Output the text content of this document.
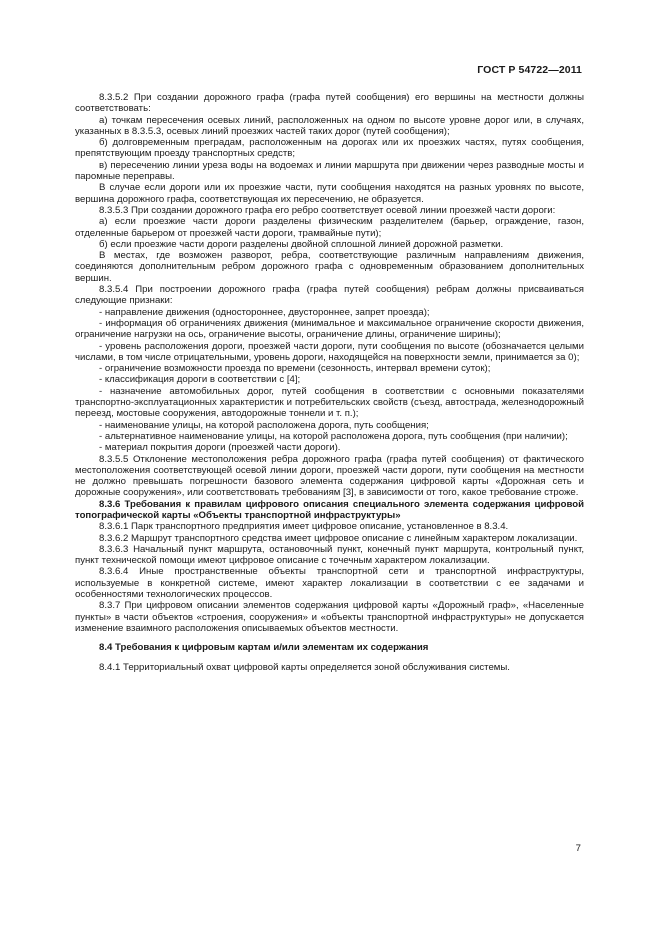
ГОСТ Р 54722—2011

8.3.5.2 При создании дорожного графа (графа путей сообщения) его вершины на местности должны соответствовать:

а) точкам пересечения осевых линий, расположенных на одном по высоте уровне дорог или, в случаях, указанных в 8.3.5.3, осевых линий проезжих частей таких дорог (путей сообщения);

б) долговременным преградам, расположенным на дорогах или их проезжих частях, путях сообщения, препятствующим проезду транспортных средств;

в) пересечению линии уреза воды на водоемах и линии маршрута при движении через разводные мосты и паромные переправы.

В случае если дороги или их проезжие части, пути сообщения находятся на разных уровнях по высоте, вершина дорожного графа, соответствующая их пересечению, не образуется.

8.3.5.3 При создании дорожного графа его ребро соответствует осевой линии проезжей части дороги:

а) если проезжие части дороги разделены физическим разделителем (барьер, ограждение, газон, отделенные барьером от проезжей части дороги, трамвайные пути);

б) если проезжие части дороги разделены двойной сплошной линией дорожной разметки.

В местах, где возможен разворот, ребра, соответствующие различным направлениям движения, соединяются дополнительным ребром дорожного графа с одновременным образованием дополнительных вершин.

8.3.5.4 При построении дорожного графа (графа путей сообщения) ребрам должны присваиваться следующие признаки:

- направление движения (одностороннее, двустороннее, запрет проезда);

- информация об ограничениях движения (минимальное и максимальное ограничение скорости движения, ограничение нагрузки на ось, ограничение высоты, ограничение длины, ограничение ширины);

- уровень расположения дороги, проезжей части дороги, пути сообщения по высоте (обозначается целыми числами, в том числе отрицательными, уровень дороги, находящейся на поверхности земли, принимается за 0);

- ограничение возможности проезда по времени (сезонность, интервал времени суток);

- классификация дороги в соответствии с [4];

- назначение автомобильных дорог, путей сообщения в соответствии с основными показателями транспортно-эксплуатационных характеристик и потребительских свойств (съезд, автострада, железнодорожный переезд, мостовые сооружения, автодорожные тоннели и т. п.);

- наименование улицы, на которой расположена дорога, путь сообщения;

- альтернативное наименование улицы, на которой расположена дорога, путь сообщения (при наличии);

- материал покрытия дороги (проезжей части дороги).

8.3.5.5 Отклонение местоположения ребра дорожного графа (графа путей сообщения) от фактического местоположения соответствующей осевой линии дороги, проезжей части дороги, пути сообщения на местности не должно превышать погрешности базового элемента содержания цифровой карты «Дорожная сеть и дорожные сооружения», или соответствовать требованиям [3], в зависимости от того, какое требование строже.

8.3.6 Требования к правилам цифрового описания специального элемента содержания цифровой топографической карты «Объекты транспортной инфраструктуры»

8.3.6.1 Парк транспортного предприятия имеет цифровое описание, установленное в 8.3.4.

8.3.6.2 Маршрут транспортного средства имеет цифровое описание с линейным характером локализации.

8.3.6.3 Начальный пункт маршрута, остановочный пункт, конечный пункт маршрута, контрольный пункт, пункт технической помощи имеют цифровое описание с точечным характером локализации.

8.3.6.4 Иные пространственные объекты транспортной сети и транспортной инфраструктуры, используемые в конкретной системе, имеют характер локализации в соответствии с ее задачами и особенностями технологических процессов.

8.3.7 При цифровом описании элементов содержания цифровой карты «Дорожный граф», «Населенные пункты» в части объектов «строения, сооружения» и «объекты транспортной инфраструктуры» не допускается изменение взаимного расположения описываемых объектов местности.

8.4 Требования к цифровым картам и/или элементам их содержания

8.4.1 Территориальный охват цифровой карты определяется зоной обслуживания системы.

7
